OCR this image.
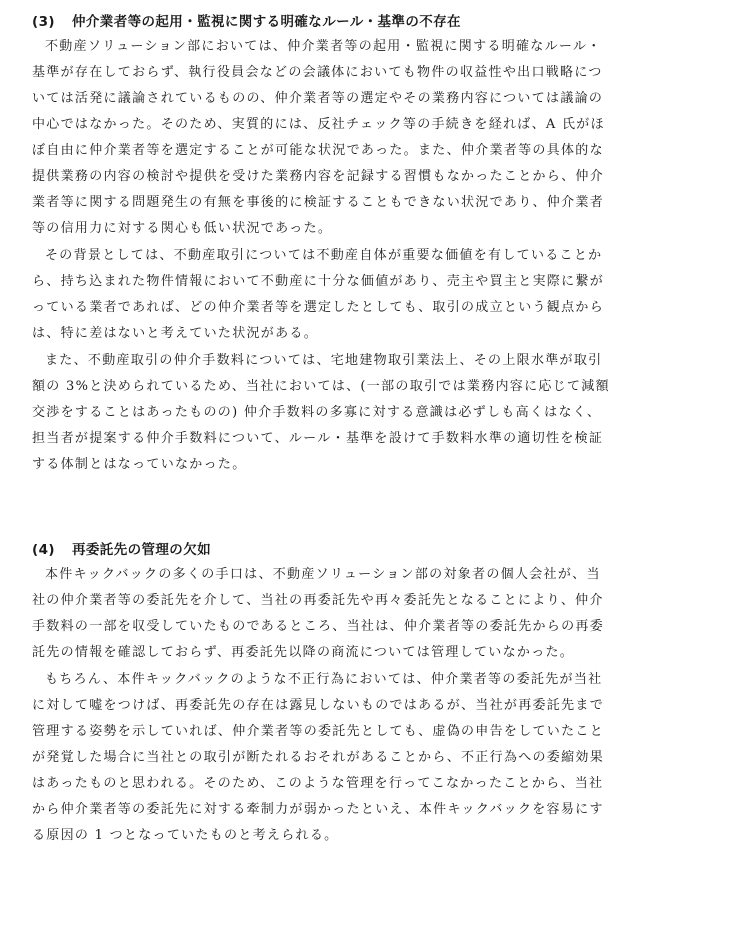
(3) 仲介業者等の起用・監視に関する明確なルール・基準の不存在
不動産ソリューション部においては、仲介業者等の起用・監視に関する明確なルール・
基準が存在しておらず、執行役員会などの会議体においても物件の収益性や出口戦略につ
いては活発に議論されているものの、仲介業者等の選定やその業務内容については議論の
中心ではなかった。そのため、実質的には、反社チェック等の手続きを経れば、A 氏がほ
ぼ自由に仲介業者等を選定することが可能な状況であった。また、仲介業者等の具体的な
提供業務の内容の検討や提供を受けた業務内容を記録する習慣もなかったことから、仲介
業者等に関する問題発生の有無を事後的に検証することもできない状況であり、仲介業者
等の信用力に対する関心も低い状況であった。
その背景としては、不動産取引については不動産自体が重要な価値を有していることか
ら、持ち込まれた物件情報において不動産に十分な価値があり、売主や買主と実際に繋が
っている業者であれば、どの仲介業者等を選定したとしても、取引の成立という観点から
は、特に差はないと考えていた状況がある。
また、不動産取引の仲介手数料については、宅地建物取引業法上、その上限水準が取引
額の 3%と決められているため、当社においては、(一部の取引では業務内容に応じて減額
交渉をすることはあったものの) 仲介手数料の多寡に対する意識は必ずしも高くはなく、
担当者が提案する仲介手数料について、ルール・基準を設けて手数料水準の適切性を検証
する体制とはなっていなかった。
(4) 再委託先の管理の欠如
本件キックバックの多くの手口は、不動産ソリューション部の対象者の個人会社が、当
社の仲介業者等の委託先を介して、当社の再委託先や再々委託先となることにより、仲介
手数料の一部を収受していたものであるところ、当社は、仲介業者等の委託先からの再委
託先の情報を確認しておらず、再委託先以降の商流については管理していなかった。
もちろん、本件キックバックのような不正行為においては、仲介業者等の委託先が当社
に対して嘘をつけば、再委託先の存在は露見しないものではあるが、当社が再委託先まで
管理する姿勢を示していれば、仲介業者等の委託先としても、虚偽の申告をしていたこと
が発覚した場合に当社との取引が断たれるおそれがあることから、不正行為への委縮効果
はあったものと思われる。そのため、このような管理を行ってこなかったことから、当社
から仲介業者等の委託先に対する牽制力が弱かったといえ、本件キックバックを容易にす
る原因の 1 つとなっていたものと考えられる。
